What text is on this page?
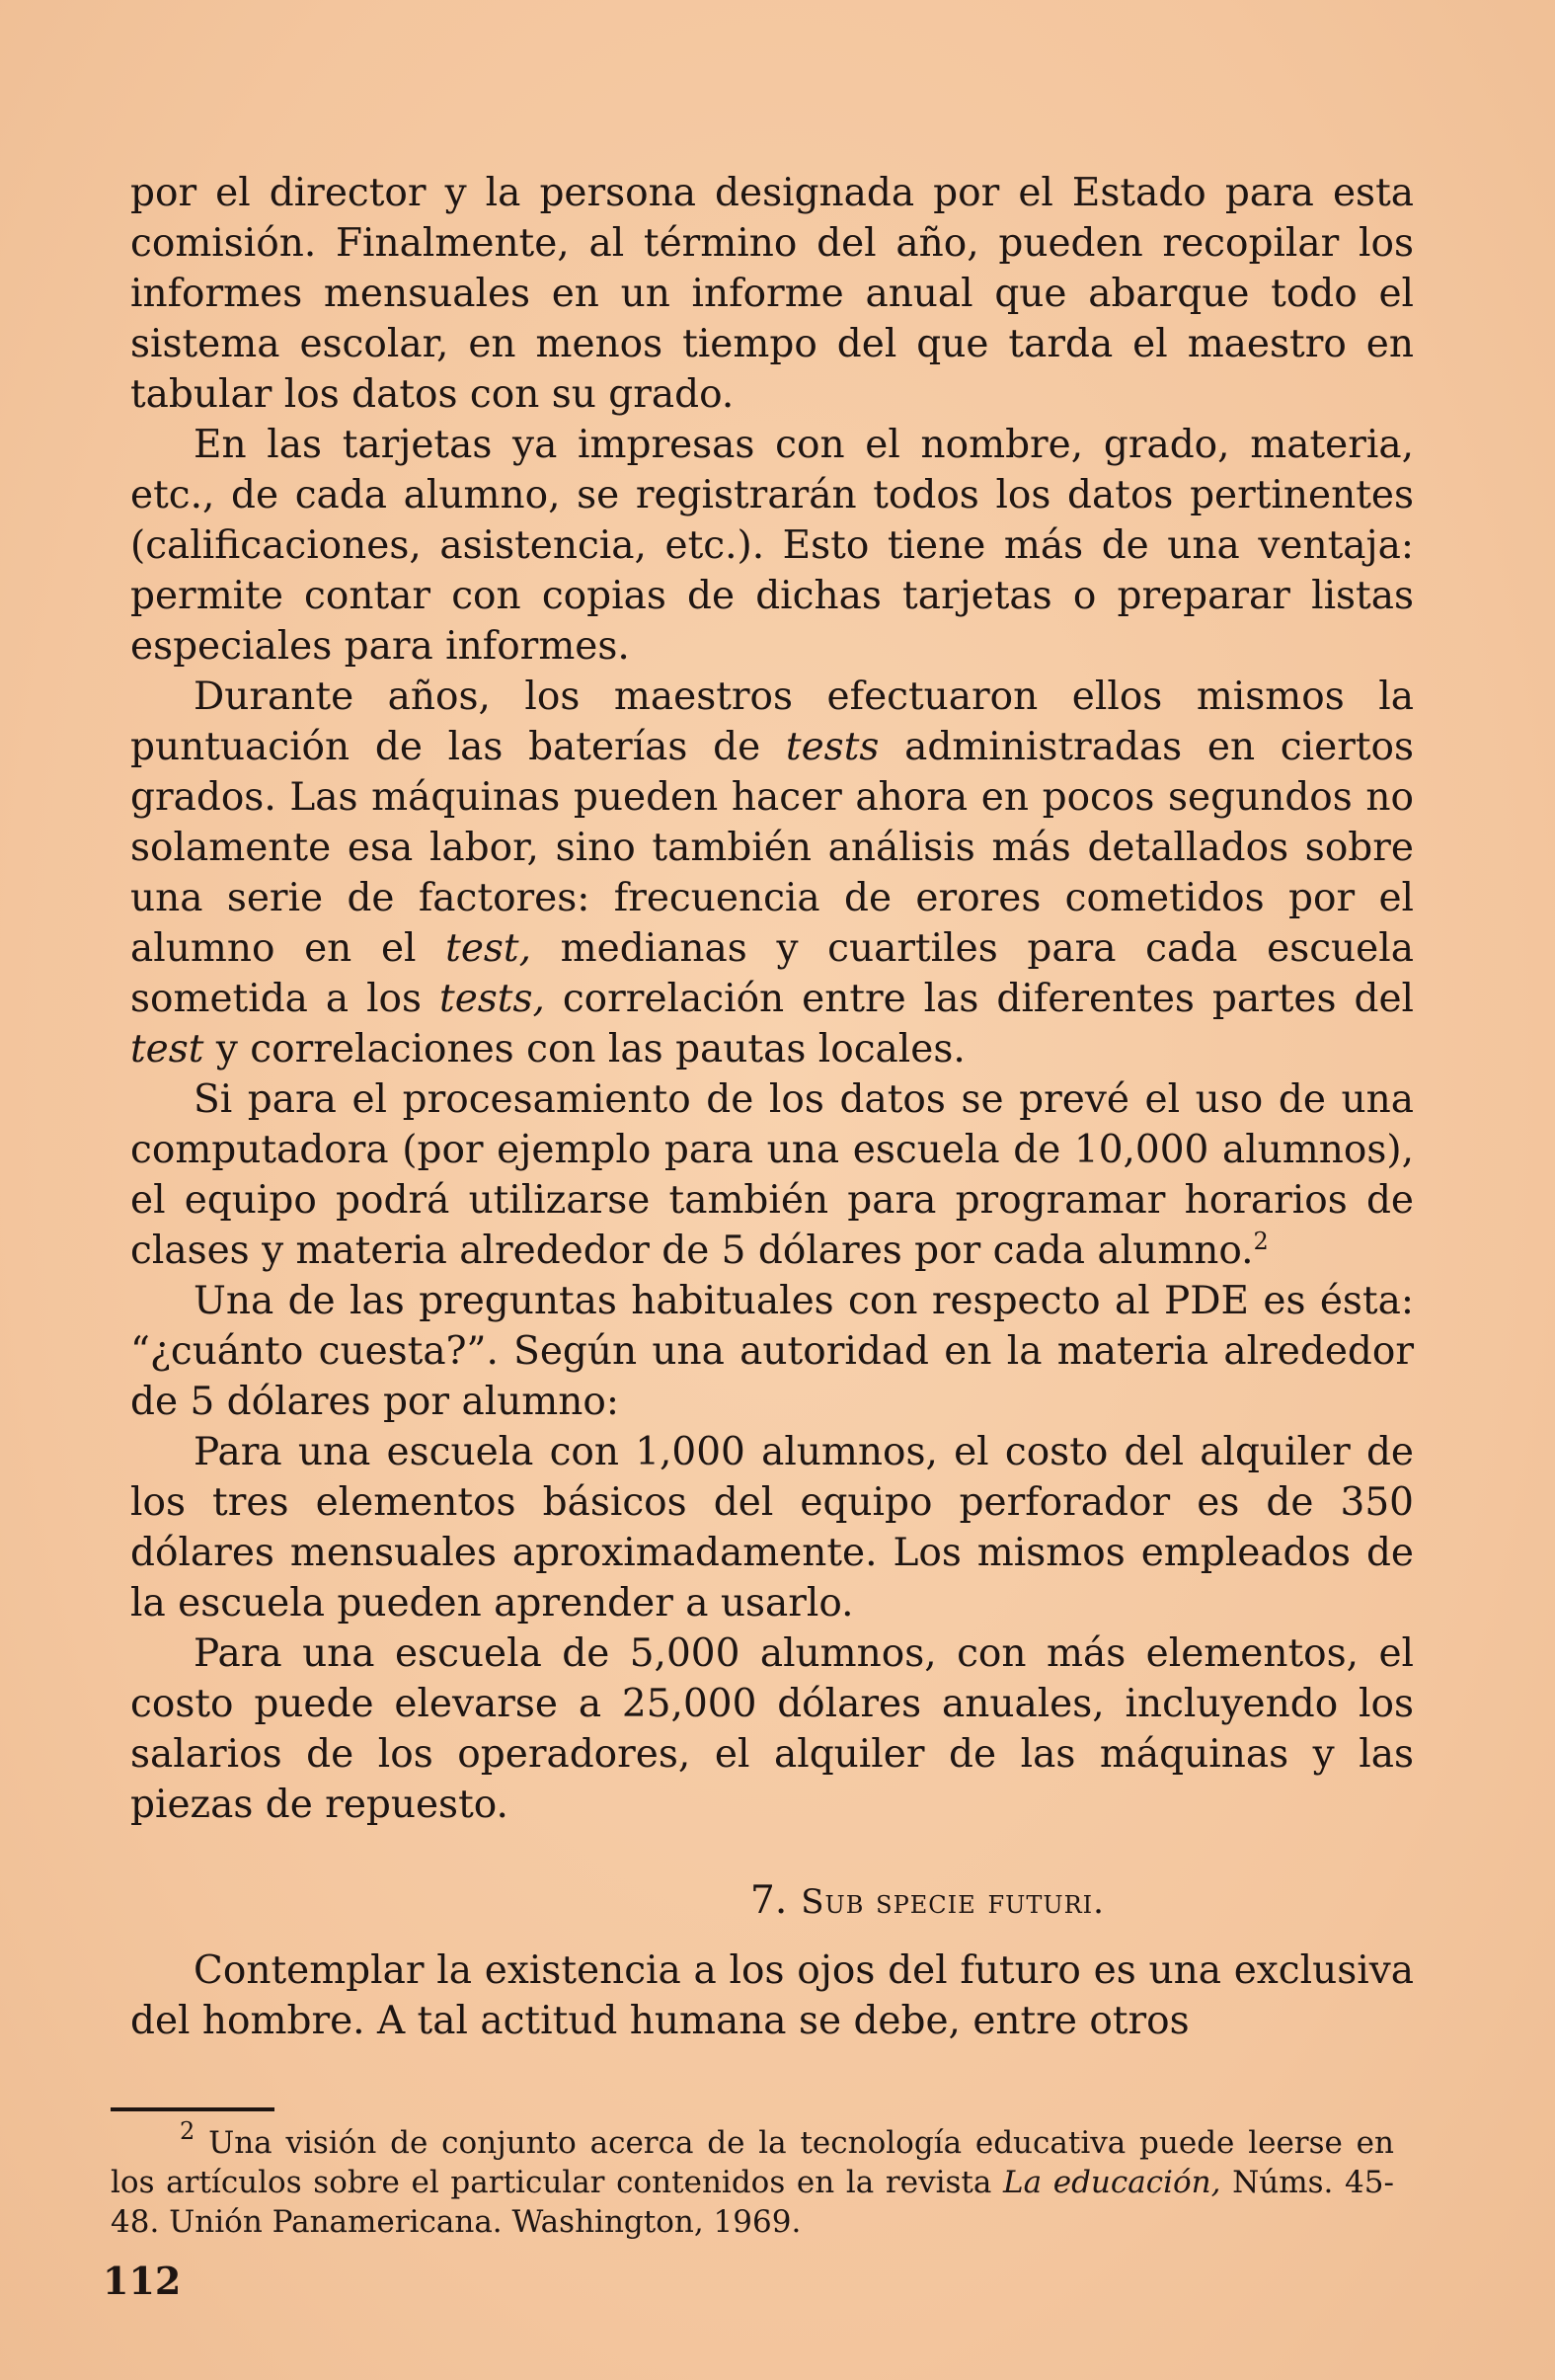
por el director y la persona designada por el Estado para esta comisión. Finalmente, al término del año, pueden recopilar los informes mensuales en un informe anual que abarque todo el sistema escolar, en menos tiempo del que tarda el maestro en tabular los datos con su grado.

En las tarjetas ya impresas con el nombre, grado, materia, etc., de cada alumno, se registrarán todos los datos pertinentes (calificaciones, asistencia, etc.). Esto tiene más de una ventaja: permite contar con copias de dichas tarjetas o preparar listas especiales para informes.

Durante años, los maestros efectuaron ellos mismos la puntuación de las baterías de tests administradas en ciertos grados. Las máquinas pueden hacer ahora en pocos segundos no solamente esa labor, sino también análisis más detallados sobre una serie de factores: frecuencia de erores cometidos por el alumno en el test, medianas y cuartiles para cada escuela sometida a los tests, correlación entre las diferentes partes del test y correlaciones con las pautas locales.

Si para el procesamiento de los datos se prevé el uso de una computadora (por ejemplo para una escuela de 10,000 alumnos), el equipo podrá utilizarse también para programar horarios de clases y materia alrededor de 5 dólares por cada alumno.$^2$

Una de las preguntas habituales con respecto al PDE es ésta: “¿cuánto cuesta?”. Según una autoridad en la materia alrededor de 5 dólares por alumno:

Para una escuela con 1,000 alumnos, el costo del alquiler de los tres elementos básicos del equipo perforador es de 350 dólares mensuales aproximadamente. Los mismos empleados de la escuela pueden aprender a usarlo.

Para una escuela de 5,000 alumnos, con más elementos, el costo puede elevarse a 25,000 dólares anuales, incluyendo los salarios de los operadores, el alquiler de las máquinas y las piezas de repuesto.

7. Sub specie futuri.

Contemplar la existencia a los ojos del futuro es una exclusiva del hombre. A tal actitud humana se debe, entre otros

$^2$ Una visión de conjunto acerca de la tecnología educativa puede leerse en los artículos sobre el particular contenidos en la revista La educación, Núms. 45-48. Unión Panamericana. Washington, 1969.
112
